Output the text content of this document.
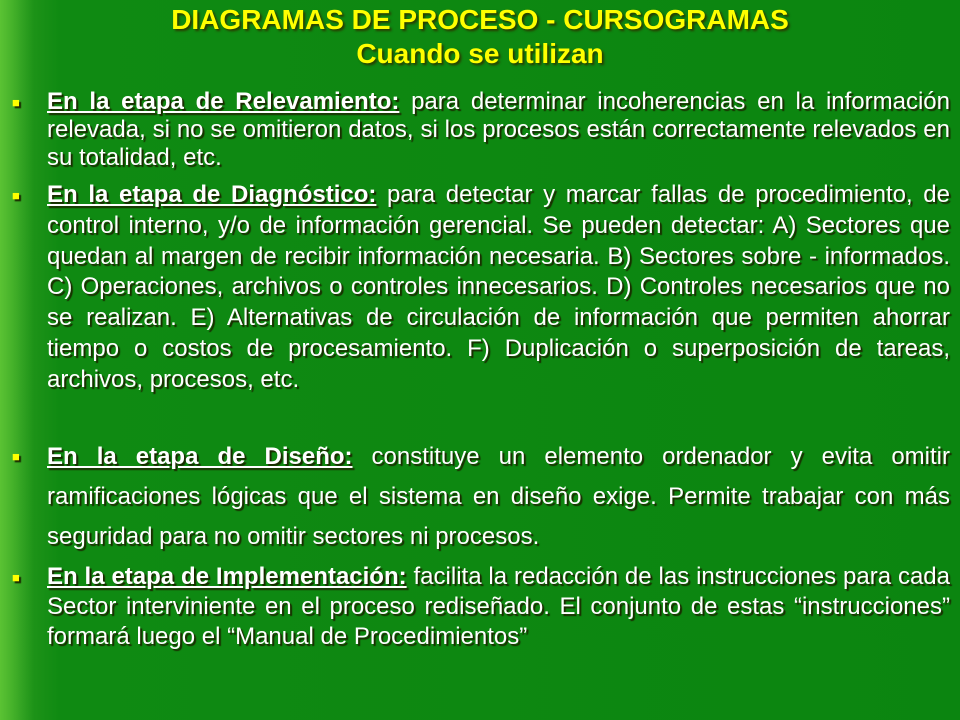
DIAGRAMAS DE PROCESO - CURSOGRAMAS
Cuando se utilizan
■
En la etapa de Relevamiento: para determinar incoherencias en la información relevada, si no se omitieron datos, si los procesos están correctamente relevados en su totalidad, etc.
■
En la etapa de Diagnóstico: para detectar y marcar fallas de procedimiento, de control interno, y/o de información gerencial. Se pueden detectar: A) Sectores que quedan al margen de recibir información necesaria. B) Sectores sobre - informados. C) Operaciones, archivos o controles innecesarios. D) Controles necesarios que no se realizan. E) Alternativas de circulación de información que permiten ahorrar tiempo o costos de procesamiento. F) Duplicación o superposición de tareas, archivos, procesos, etc.
■
En la etapa de Diseño: constituye un elemento ordenador y evita omitir ramificaciones lógicas que el sistema en diseño exige. Permite trabajar con más seguridad para no omitir sectores ni procesos.
■
En la etapa de Implementación: facilita la redacción de las instrucciones para cada Sector interviniente en el proceso rediseñado. El conjunto de estas “instrucciones” formará luego el “Manual de Procedimientos”
